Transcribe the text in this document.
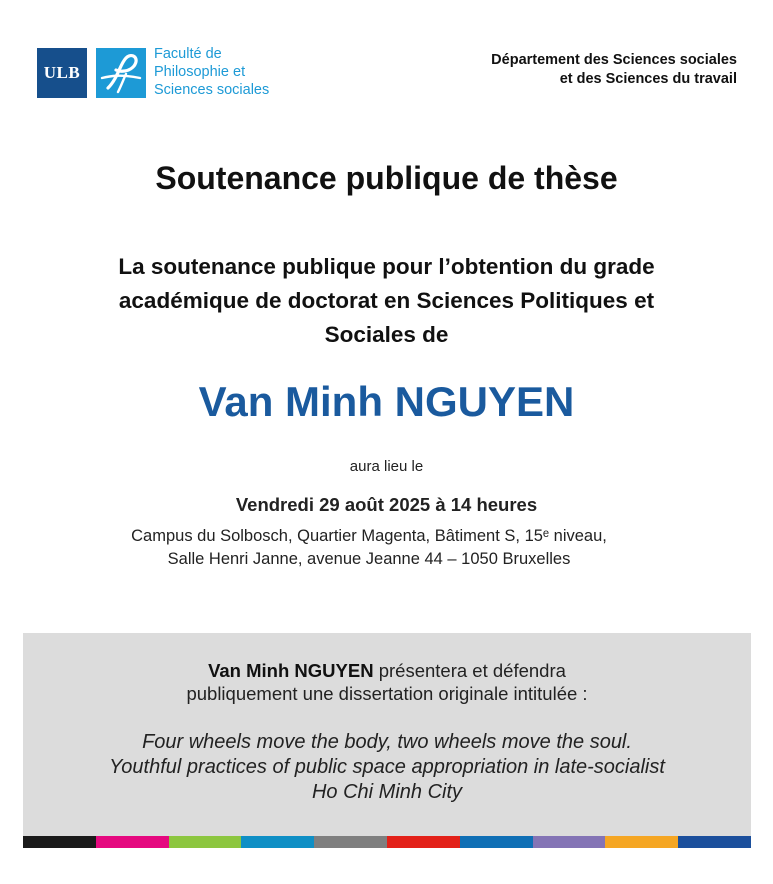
ULB
Faculté de
Philosophie et
Sciences sociales
Département des Sciences sociales
et des Sciences du travail
Soutenance publique de thèse
La soutenance publique pour l’obtention du grade
académique de doctorat en Sciences Politiques et
Sociales de
Van Minh NGUYEN
aura lieu le
Vendredi 29 août 2025 à 14 heures
Campus du Solbosch, Quartier Magenta, Bâtiment S, 15ᵉ niveau,
Salle Henri Janne, avenue Jeanne 44 – 1050 Bruxelles
Van Minh NGUYEN présentera et défendra
publiquement une dissertation originale intitulée :
Four wheels move the body, two wheels move the soul.
Youthful practices of public space appropriation in late-socialist
Ho Chi Minh City
